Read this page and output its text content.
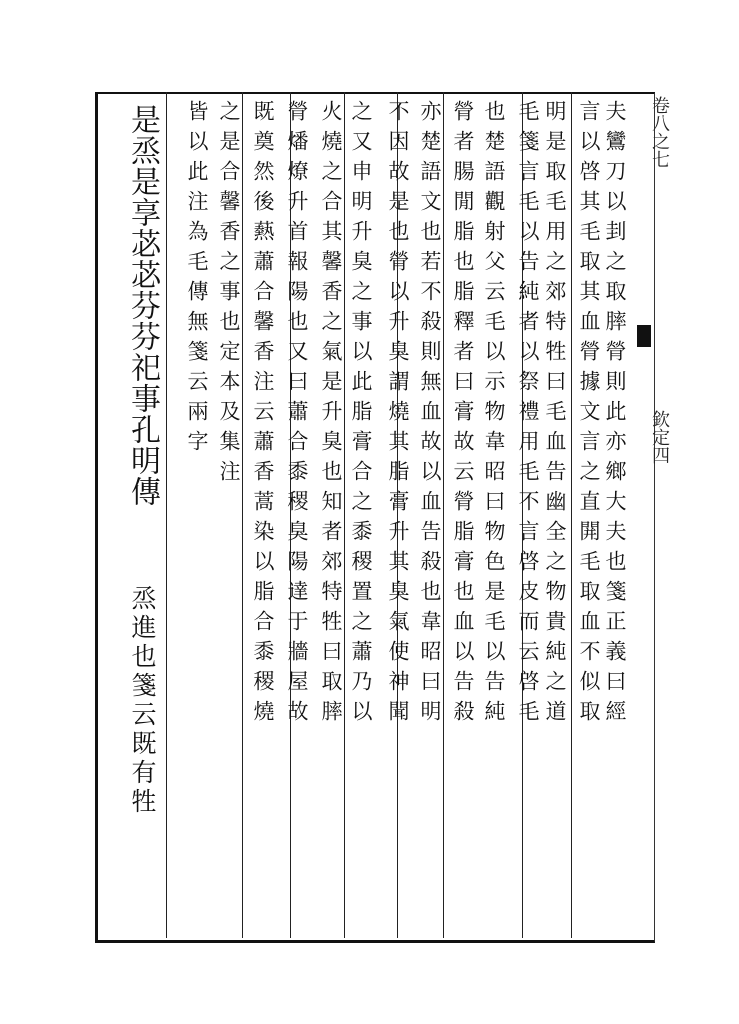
卷八之七
欽定四
夫鸞刀以刲之取膟膋則此亦鄉大夫也箋正義曰經
言以啓其毛取其血膋據文言之直䦕毛取血不似取
明是取毛用之郊特牲曰毛血告幽全之物貴純之道
毛箋言毛以告純者以祭禮用毛不言啓皮而云啓毛
也楚語觀射父云毛以示物韋昭曰物色是毛以告純
膋者腸閒脂也脂釋者曰膏故云膋脂膏也血以告殺
亦楚語文也若不殺則無血故以血告殺也韋昭曰明
不因故是也膋以升臭謂燒其脂膏升其臭氣使神聞
之又申明升臭之事以此脂膏合之黍稷置之蕭乃以
火燒之合其馨香之氣是升臭也知者郊特牲曰取膟
膋燔燎升首報陽也又曰蕭合黍稷臭陽達于牆屋故
既奠然後爇蕭合馨香注云蕭香蒿染以脂合黍稷燒
之是合馨香之事也定本及集注
皆以此注為毛傳無箋云兩字
是烝是享苾苾芬芬祀事孔明傳
烝進也箋云既有牲
